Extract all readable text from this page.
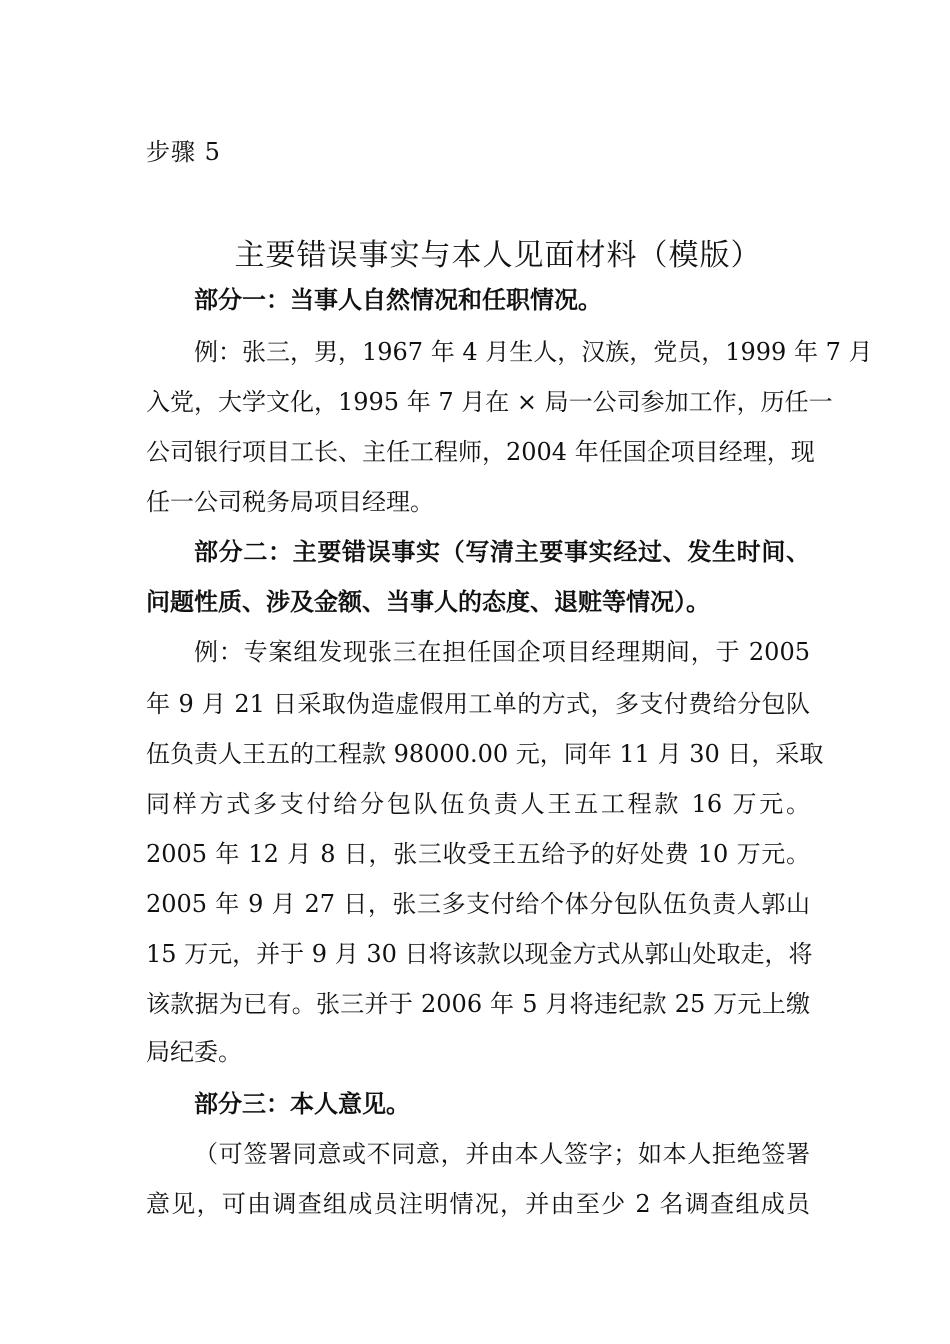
步骤 5
主要错误事实与本人见面材料（模版）
部分一：当事人自然情况和任职情况。
例：张三，男，1967 年 4 月生人，汉族，党员，1999 年 7 月
入党，大学文化，1995 年 7 月在 × 局一公司参加工作，历任一
公司银行项目工长、主任工程师，2004 年任国企项目经理，现
任一公司税务局项目经理。
部分二：主要错误事实（写清主要事实经过、发生时间、
问题性质、涉及金额、当事人的态度、退赃等情况）。
例：专案组发现张三在担任国企项目经理期间，于 2005
年 9 月 21 日采取伪造虚假用工单的方式，多支付费给分包队
伍负责人王五的工程款 98000.00 元，同年 11 月 30 日，采取
同样方式多支付给分包队伍负责人王五工程款 16 万元。
2005 年 12 月 8 日，张三收受王五给予的好处费 10 万元。
2005 年 9 月 27 日，张三多支付给个体分包队伍负责人郭山
15 万元，并于 9 月 30 日将该款以现金方式从郭山处取走，将
该款据为已有。张三并于 2006 年 5 月将违纪款 25 万元上缴
局纪委。
部分三：本人意见。
（可签署同意或不同意，并由本人签字；如本人拒绝签署
意见，可由调查组成员注明情况，并由至少 2 名调查组成员
